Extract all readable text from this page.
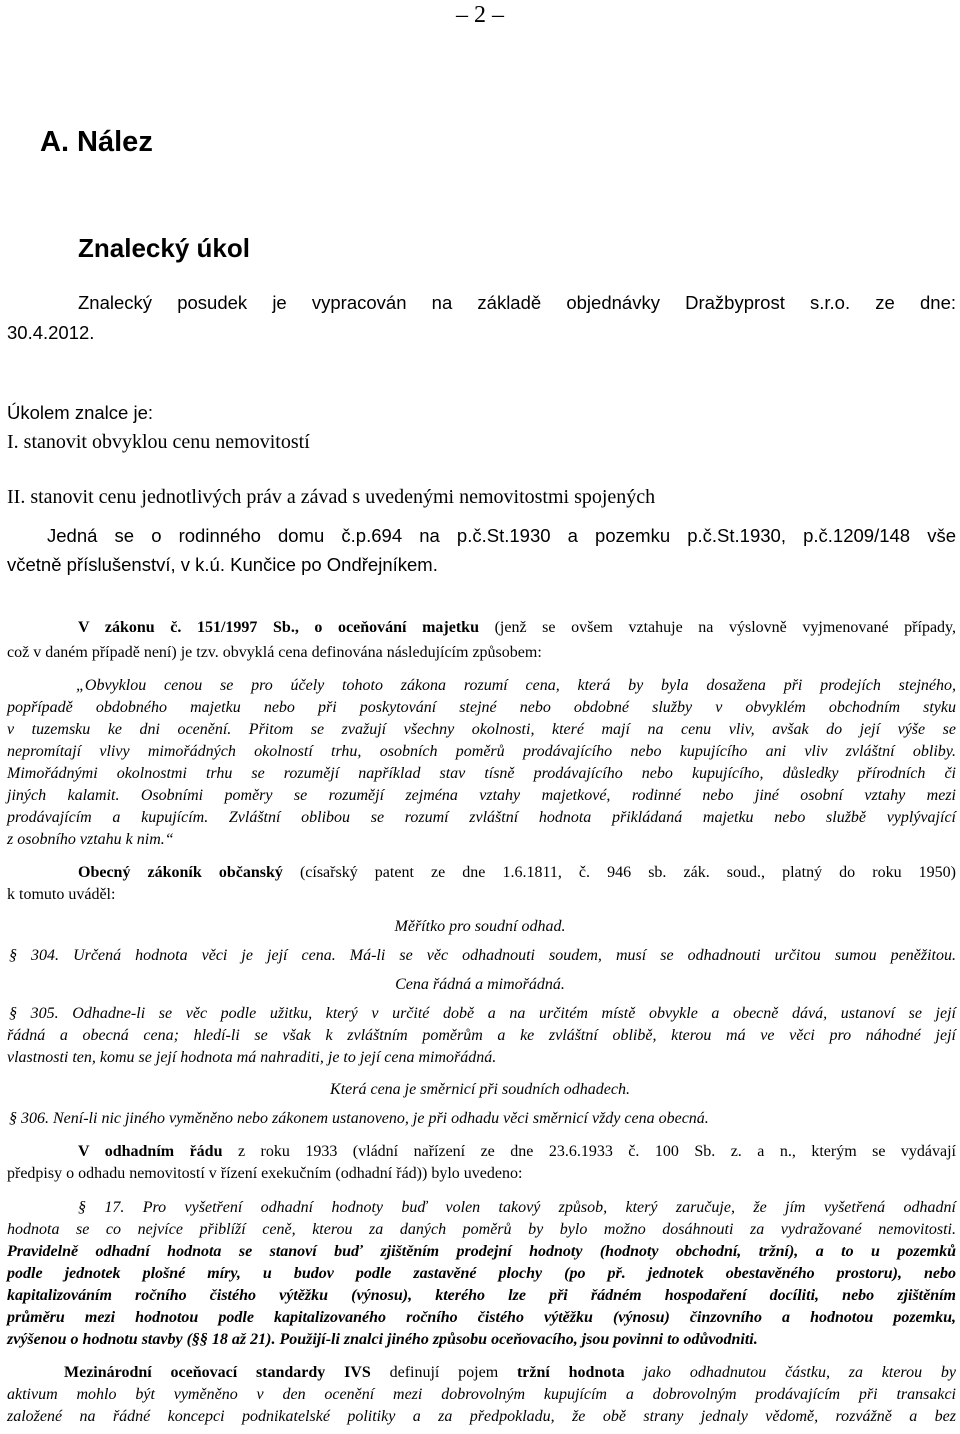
– 2 –
A. Nález
Znalecký úkol
Znalecký posudek je vypracován na základě objednávky Dražbyprost s.r.o. ze dne:
30.4.2012.
Úkolem znalce je:
I. stanovit obvyklou cenu nemovitostí
II. stanovit cenu jednotlivých práv a závad s uvedenými nemovitostmi spojených
Jedná se o rodinného domu č.p.694 na p.č.St.1930 a pozemku p.č.St.1930, p.č.1209/148 vše
včetně příslušenství, v k.ú. Kunčice po Ondřejníkem.
V zákonu č. 151/1997 Sb., o oceňování majetku (jenž se ovšem vztahuje na výslovně vyjmenované případy,
což v daném případě není) je tzv. obvyklá cena definována následujícím způsobem:
„Obvyklou cenou se pro účely tohoto zákona rozumí cena, která by byla dosažena při prodejích stejného,
popřípadě obdobného majetku nebo při poskytování stejné nebo obdobné služby v obvyklém obchodním styku
v tuzemsku ke dni ocenění. Přitom se zvažují všechny okolnosti, které mají na cenu vliv, avšak do její výše se
nepromítají vlivy mimořádných okolností trhu, osobních poměrů prodávajícího nebo kupujícího ani vliv zvláštní obliby.
Mimořádnými okolnostmi trhu se rozumějí například stav tísně prodávajícího nebo kupujícího, důsledky přírodních či
jiných kalamit. Osobními poměry se rozumějí zejména vztahy majetkové, rodinné nebo jiné osobní vztahy mezi
prodávajícím a kupujícím. Zvláštní oblibou se rozumí zvláštní hodnota přikládaná majetku nebo službě vyplývající
z osobního vztahu k nim.“
Obecný zákoník občanský (císařský patent ze dne 1.6.1811, č. 946 sb. zák. soud., platný do roku 1950)
k tomuto uváděl:
Měřítko pro soudní odhad.
§ 304. Určená hodnota věci je její cena. Má-li se věc odhadnouti soudem, musí se odhadnouti určitou sumou peněžitou.
Cena řádná a mimořádná.
§ 305. Odhadne-li se věc podle užitku, který v určité době a na určitém místě obvykle a obecně dává, ustanoví se její
řádná a obecná cena; hledí-li se však k zvláštním poměrům a ke zvláštní oblibě, kterou má ve věci pro náhodné její
vlastnosti ten, komu se její hodnota má nahraditi, je to její cena mimořádná.
Která cena je směrnicí při soudních odhadech.
§ 306. Není-li nic jiného vyměněno nebo zákonem ustanoveno, je při odhadu věci směrnicí vždy cena obecná.
V odhadním řádu z roku 1933 (vládní nařízení ze dne 23.6.1933 č. 100 Sb. z. a n., kterým se vydávají
předpisy o odhadu nemovitostí v řízení exekučním (odhadní řád)) bylo uvedeno:
§ 17. Pro vyšetření odhadní hodnoty buď volen takový způsob, který zaručuje, že jím vyšetřená odhadní
hodnota se co nejvíce přiblíží ceně, kterou za daných poměrů by bylo možno dosáhnouti za vydražované nemovitosti.
Pravidelně odhadní hodnota se stanoví buď zjištěním prodejní hodnoty (hodnoty obchodní, tržní), a to u pozemků
podle jednotek plošné míry, u budov podle zastavěné plochy (po př. jednotek obestavěného prostoru), nebo
kapitalizováním ročního čistého výtěžku (výnosu), kterého lze při řádném hospodaření docíliti, nebo zjištěním
průměru mezi hodnotou podle kapitalizovaného ročního čistého výtěžku (výnosu) činzovního a hodnotou pozemku,
zvýšenou o hodnotu stavby (§§ 18 až 21). Použijí-li znalci jiného způsobu oceňovacího, jsou povinni to odůvodniti.
Mezinárodní oceňovací standardy IVS definují pojem tržní hodnota jako odhadnutou částku, za kterou by
aktivum mohlo být vyměněno v den ocenění mezi dobrovolným kupujícím a dobrovolným prodávajícím při transakci
založené na řádné koncepci podnikatelské politiky a za předpokladu, že obě strany jednaly vědomě, rozvážně a bez
